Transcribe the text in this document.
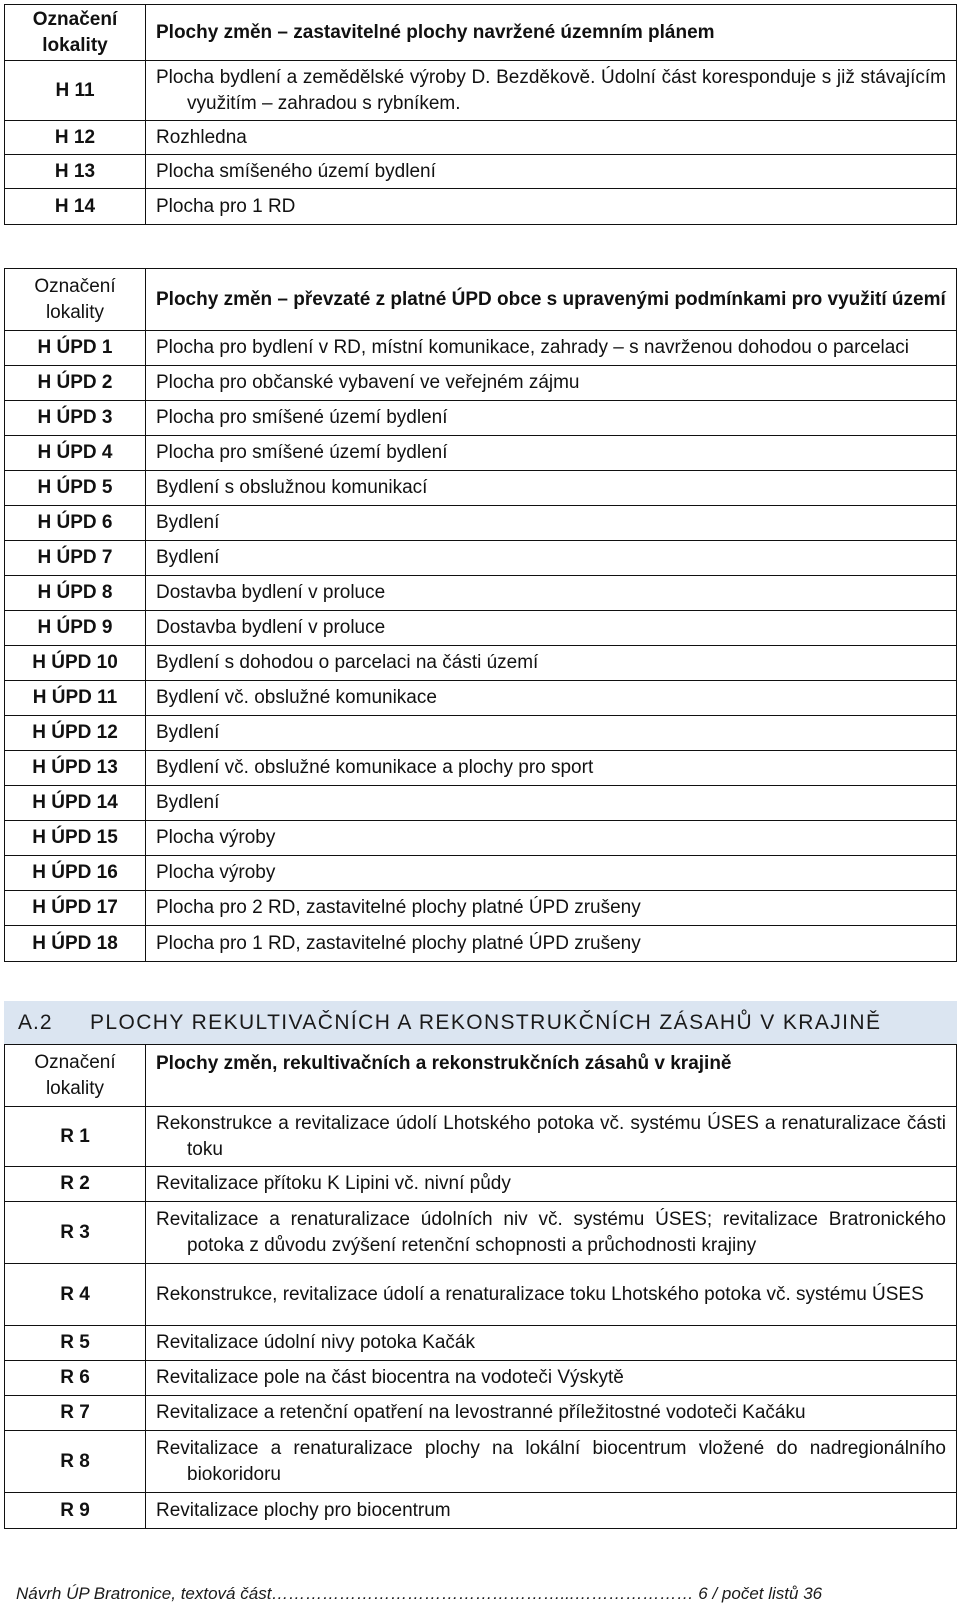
Označení lokality	Plochy změn – zastavitelné plochy navržené územním plánem
H 11	Plocha bydlení a zemědělské výroby D. Bezděkově. Údolní část koresponduje s již stávajícím využitím – zahradou s rybníkem.

H 12	Rozhledna
H 13	Plocha smíšeného území bydlení
H 14	Plocha pro 1 RD
Označení lokality	Plochy změn – převzaté z platné ÚPD obce s upravenými podmínkami pro využití území
H ÚPD 1	Plocha pro bydlení v RD, místní komunikace, zahrady – s navrženou dohodou o parcelaci
H ÚPD 2	Plocha pro občanské vybavení ve veřejném zájmu
H ÚPD 3	Plocha pro smíšené území bydlení
H ÚPD 4	Plocha pro smíšené území bydlení
H ÚPD 5	Bydlení s obslužnou komunikací
H ÚPD 6	Bydlení
H ÚPD 7	Bydlení
H ÚPD 8	Dostavba bydlení v proluce
H ÚPD 9	Dostavba bydlení v proluce
H ÚPD 10	Bydlení s dohodou o parcelaci na části území
H ÚPD 11	Bydlení vč. obslužné komunikace
H ÚPD 12	Bydlení
H ÚPD 13	Bydlení vč. obslužné komunikace a plochy pro sport
H ÚPD 14	Bydlení
H ÚPD 15	Plocha výroby
H ÚPD 16	Plocha výroby
H ÚPD 17	Plocha pro 2 RD, zastavitelné plochy platné ÚPD zrušeny
H ÚPD 18	Plocha pro 1 RD, zastavitelné plochy platné ÚPD zrušeny
A.2 PLOCHY REKULTIVAČNÍCH A REKONSTRUKČNÍCH ZÁSAHŮ V KRAJINĚ
Označení lokality	Plochy změn, rekultivačních a rekonstrukčních zásahů v krajině
R 1	Rekonstrukce a revitalizace údolí Lhotského potoka vč. systému ÚSES a renaturalizace části toku

R 2	Revitalizace přítoku K Lipini vč. nivní půdy
R 3	Revitalizace a renaturalizace údolních niv vč. systému ÚSES; revitalizace Bratronického potoka z důvodu zvýšení retenční schopnosti a průchodnosti krajiny

R 4	Rekonstrukce, revitalizace údolí a renaturalizace toku Lhotského potoka vč. systému ÚSES

R 5	Revitalizace údolní nivy potoka Kačák
R 6	Revitalizace pole na část biocentra na vodoteči Výskytě
R 7	Revitalizace a retenční opatření na levostranné příležitostné vodoteči Kačáku
R 8	Revitalizace a renaturalizace plochy na lokální biocentrum vložené do nadregionálního biokoridoru

R 9	Revitalizace plochy pro biocentrum
Návrh ÚP Bratronice, textová část……………………………………………...………………… 6 / počet listů 36
